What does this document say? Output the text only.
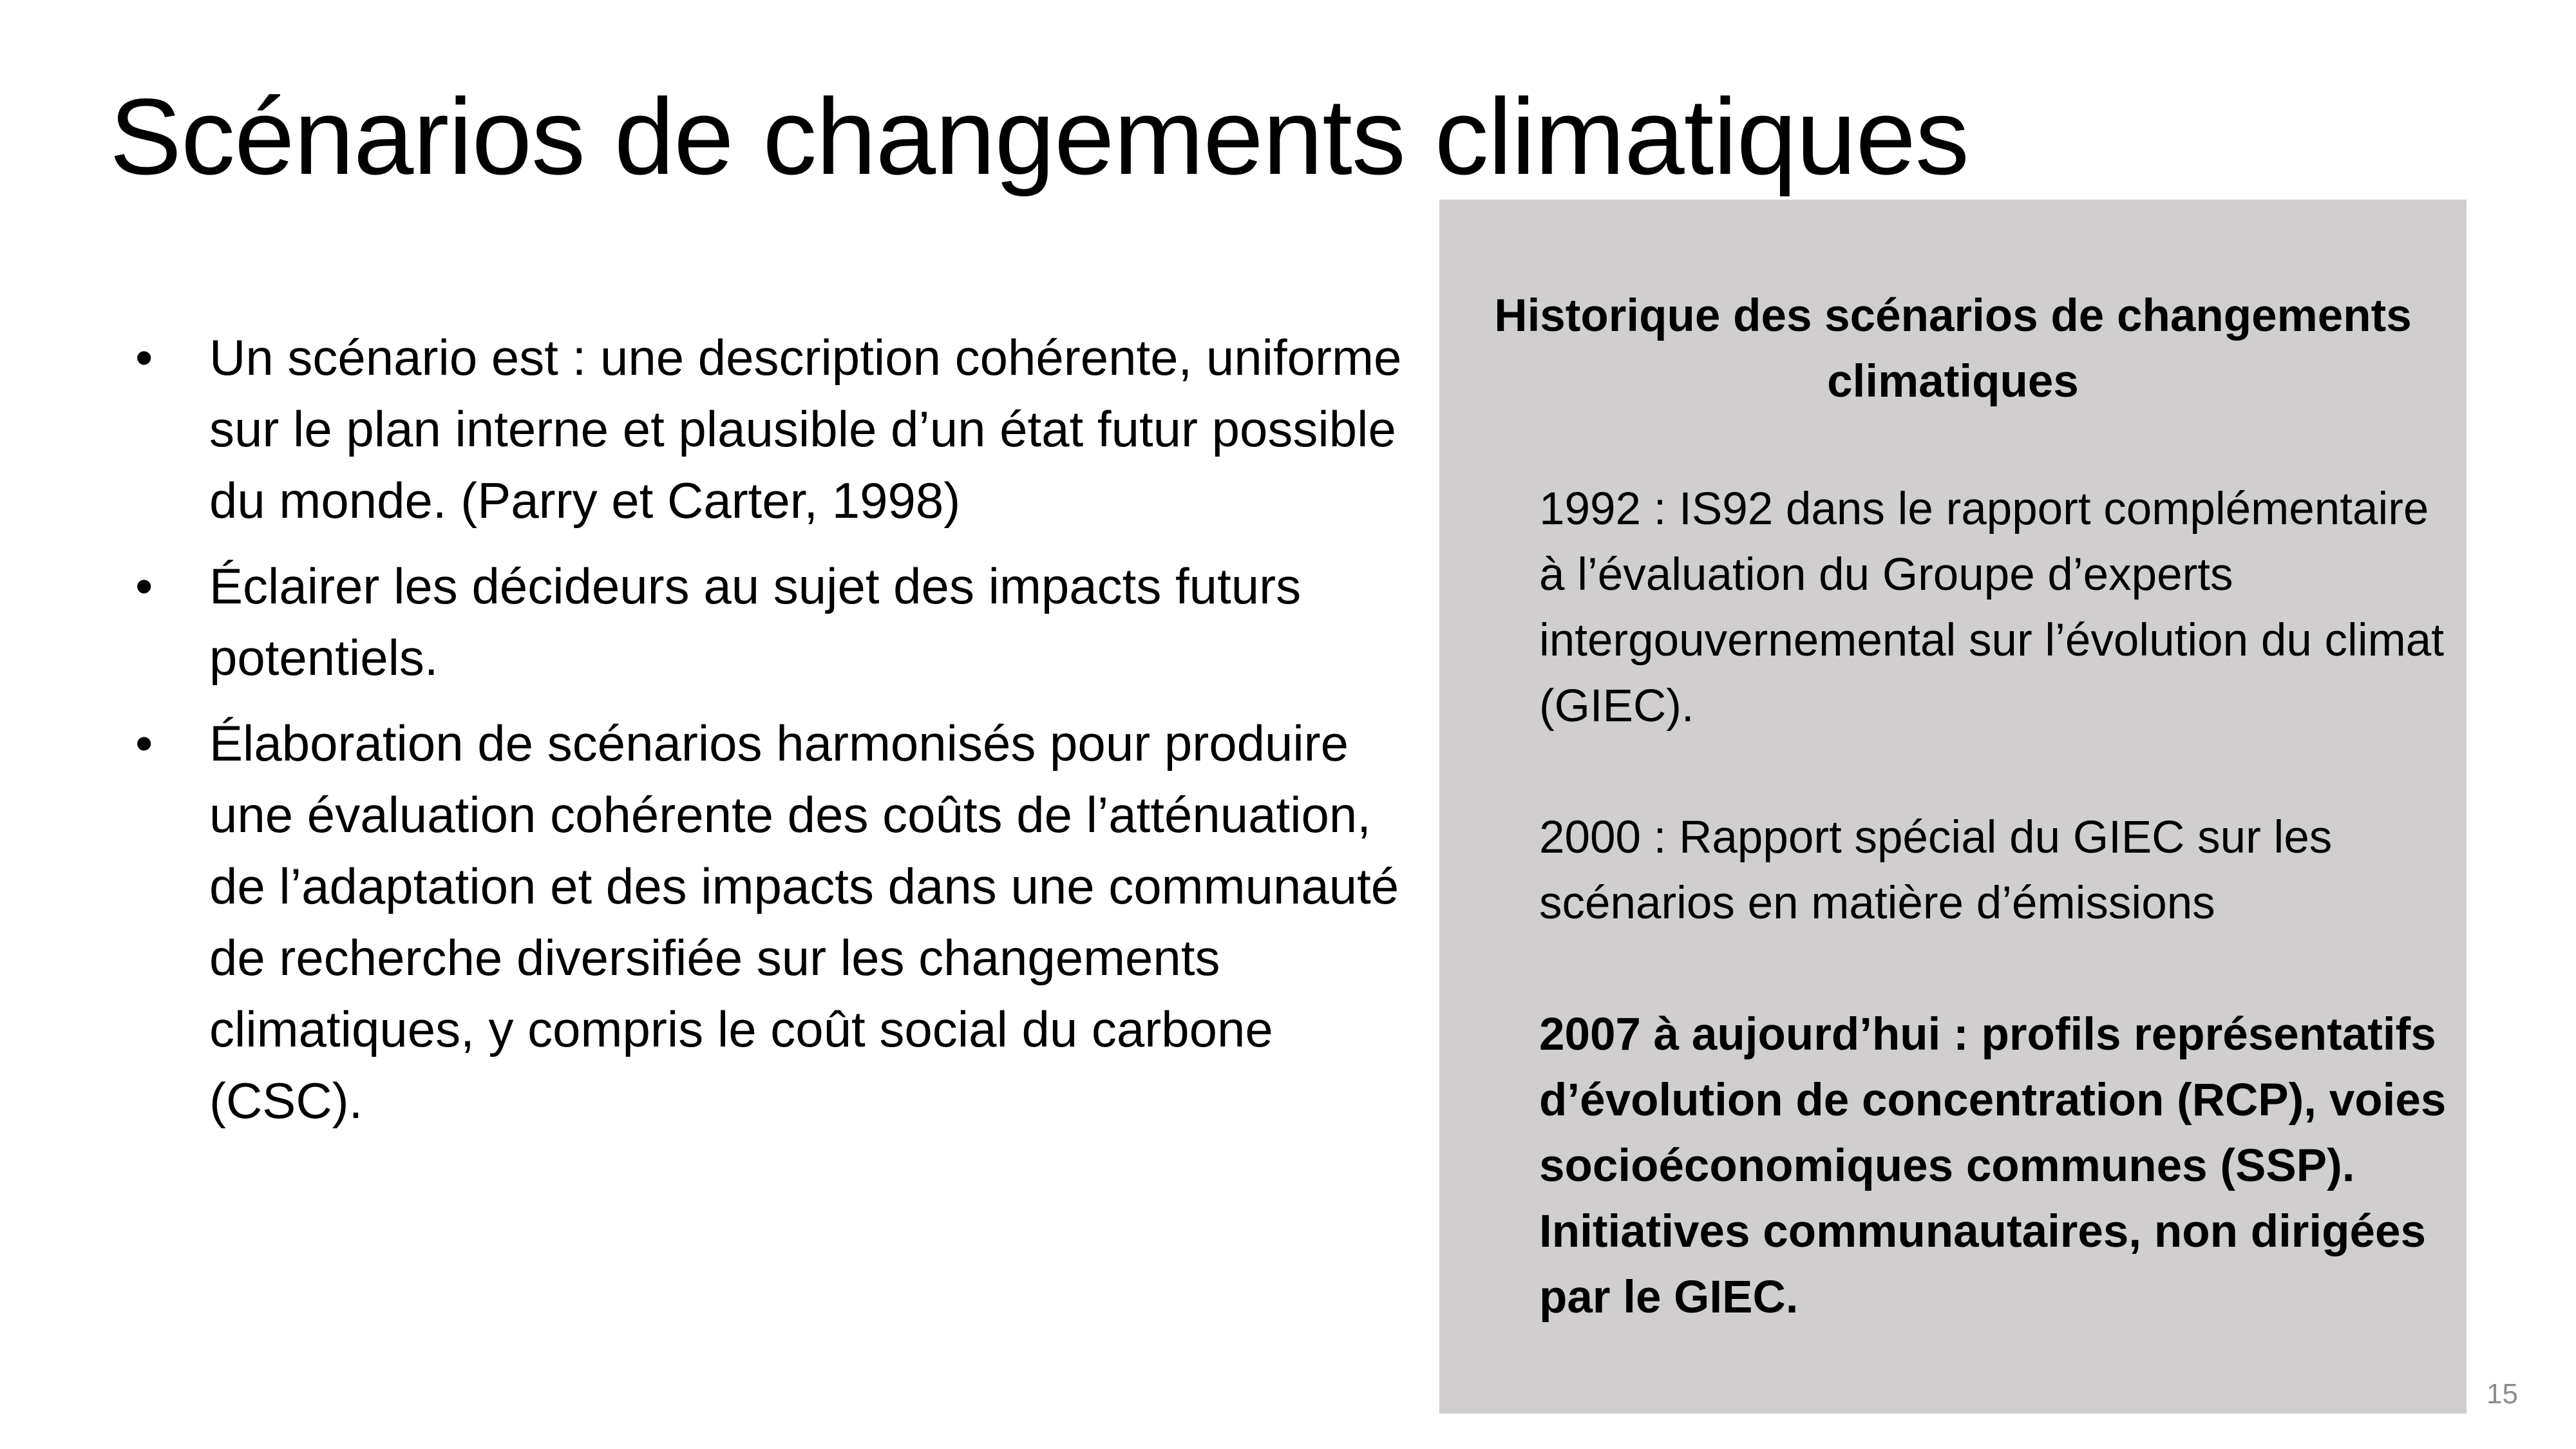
Scénarios de changements climatiques
• Un scénario est : une description cohérente, uniforme sur le plan interne et plausible d’un état futur possible du monde. (Parry et Carter, 1998)
• Éclairer les décideurs au sujet des impacts futurs potentiels.
• Élaboration de scénarios harmonisés pour produire une évaluation cohérente des coûts de l’atténuation, de l’adaptation et des impacts dans une communauté de recherche diversifiée sur les changements climatiques, y compris le coût social du carbone (CSC).
Historique des scénarios de changements climatiques

1992 : IS92 dans le rapport complémentaire à l’évaluation du Groupe d’experts intergouvernemental sur l’évolution du climat (GIEC).

2000 : Rapport spécial du GIEC sur les scénarios en matière d’émissions

2007 à aujourd’hui : profils représentatifs d’évolution de concentration (RCP), voies socioéconomiques communes (SSP). Initiatives communautaires, non dirigées par le GIEC.

15
